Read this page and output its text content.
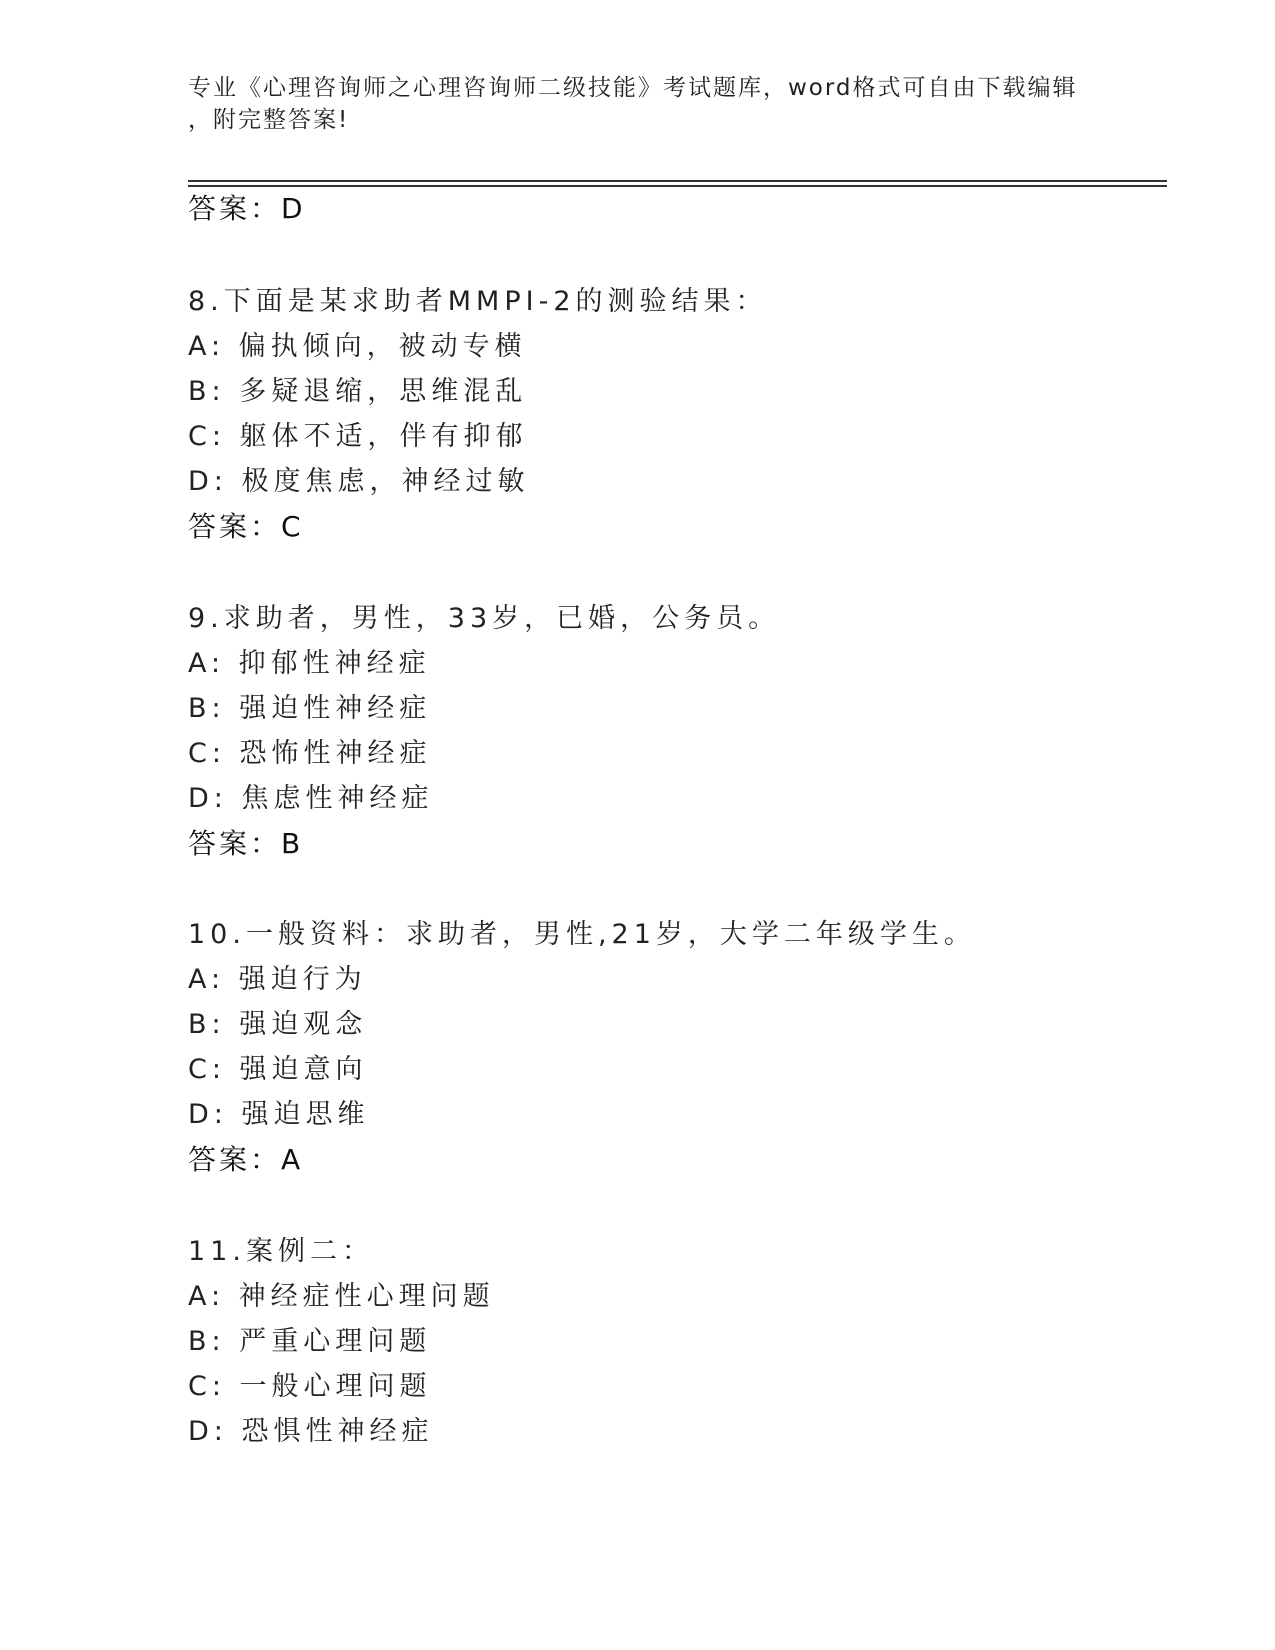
专业《心理咨询师之心理咨询师二级技能》考试题库，word格式可自由下载编辑
，附完整答案!
答案：D
8.下面是某求助者MMPI-2的测验结果：
A: 偏执倾向，被动专横
B: 多疑退缩，思维混乱
C: 躯体不适，伴有抑郁
D: 极度焦虑，神经过敏
答案：C
9.求助者，男性，33岁，已婚，公务员。
A: 抑郁性神经症
B: 强迫性神经症
C: 恐怖性神经症
D: 焦虑性神经症
答案：B
10.一般资料：求助者，男性,21岁，大学二年级学生。
A: 强迫行为
B: 强迫观念
C: 强迫意向
D: 强迫思维
答案：A
11.案例二：
A: 神经症性心理问题
B: 严重心理问题
C: 一般心理问题
D: 恐惧性神经症
